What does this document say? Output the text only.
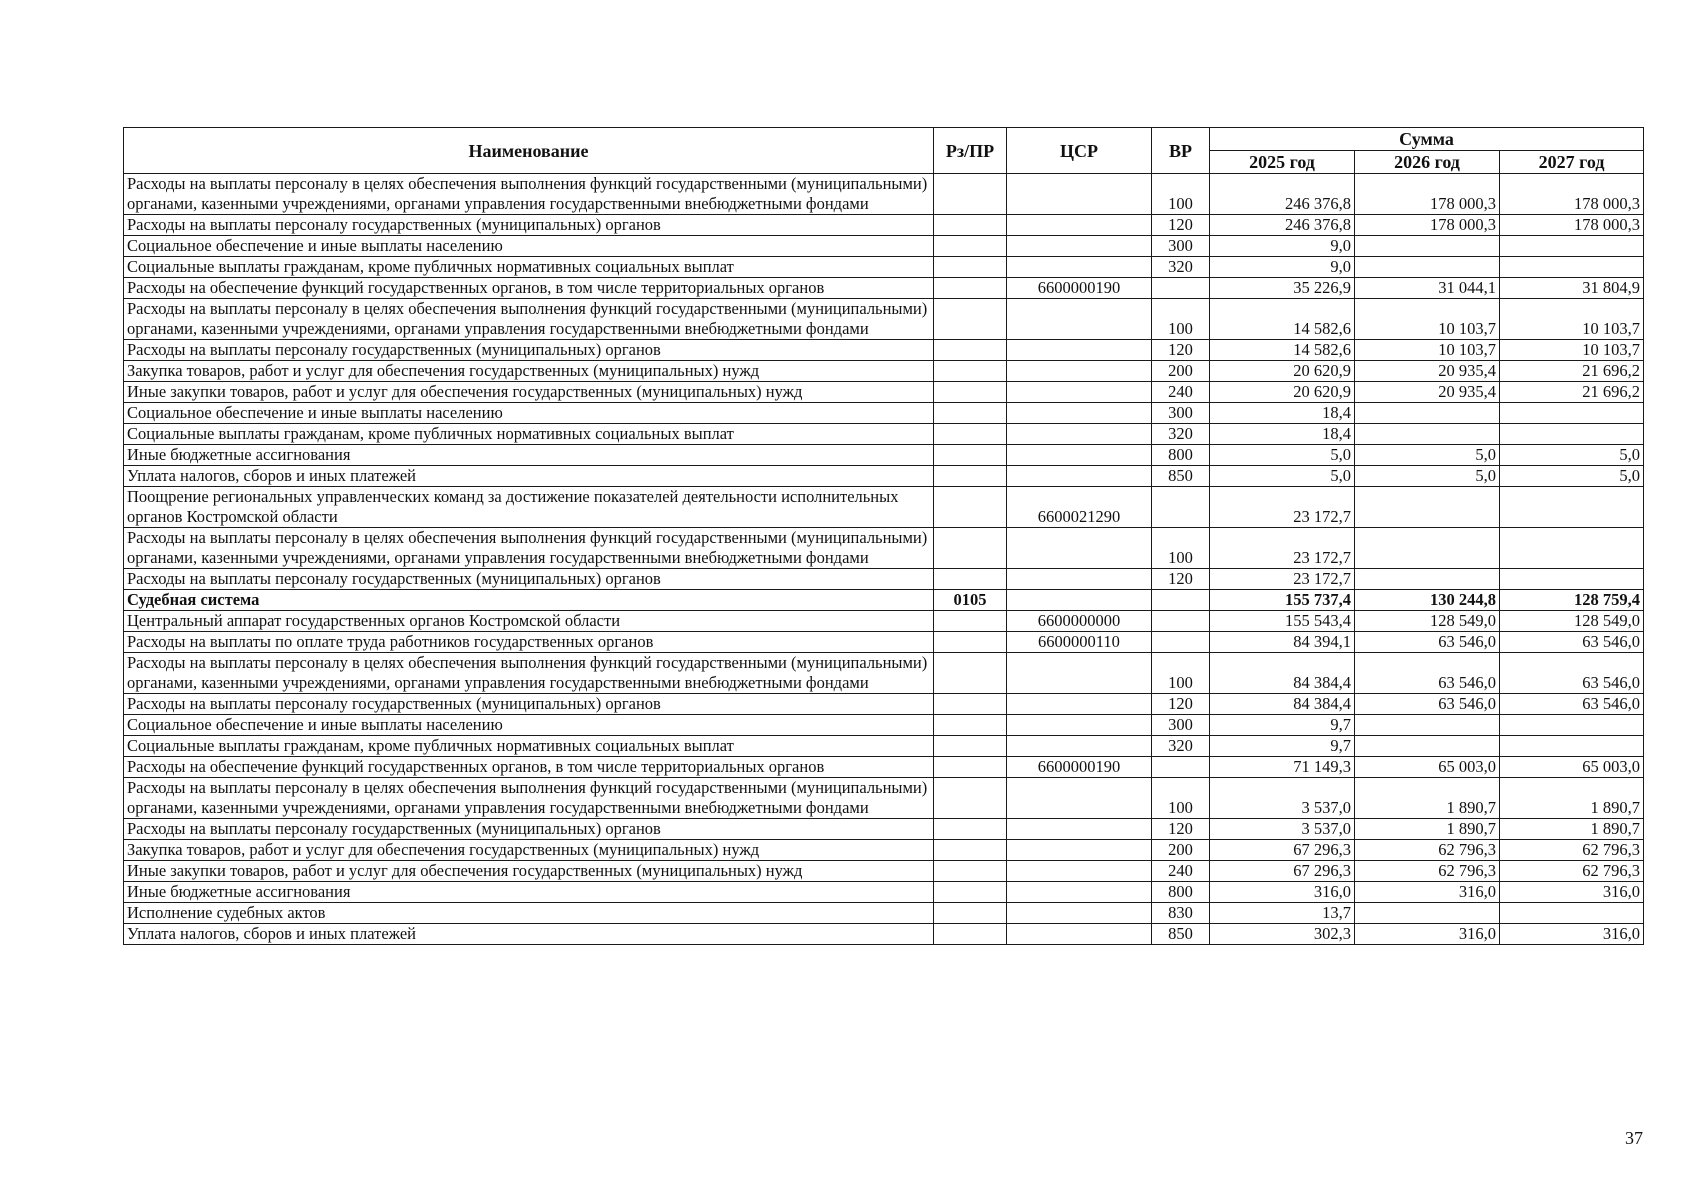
Наименование	Рз/ПР	ЦСР	ВР	Сумма		
				2025 год	2026 год	2027 год
Расходы на выплаты персоналу в целях обеспечения выполнения функций государственными (муниципальными) органами, казенными учреждениями, органами управления государственными внебюджетными фондами			100	246 376,8	178 000,3	178 000,3
Расходы на выплаты персоналу государственных (муниципальных) органов			120	246 376,8	178 000,3	178 000,3
Социальное обеспечение и иные выплаты населению			300	9,0		
Социальные выплаты гражданам, кроме публичных нормативных социальных выплат			320	9,0		
Расходы на обеспечение функций государственных органов, в том числе территориальных органов		6600000190		35 226,9	31 044,1	31 804,9
Расходы на выплаты персоналу в целях обеспечения выполнения функций государственными (муниципальными) органами, казенными учреждениями, органами управления государственными внебюджетными фондами			100	14 582,6	10 103,7	10 103,7
Расходы на выплаты персоналу государственных (муниципальных) органов			120	14 582,6	10 103,7	10 103,7
Закупка товаров, работ и услуг для обеспечения государственных (муниципальных) нужд			200	20 620,9	20 935,4	21 696,2
Иные закупки товаров, работ и услуг для обеспечения государственных (муниципальных) нужд			240	20 620,9	20 935,4	21 696,2
Социальное обеспечение и иные выплаты населению			300	18,4		
Социальные выплаты гражданам, кроме публичных нормативных социальных выплат			320	18,4		
Иные бюджетные ассигнования			800	5,0	5,0	5,0
Уплата налогов, сборов и иных платежей			850	5,0	5,0	5,0
Поощрение региональных управленческих команд за достижение показателей деятельности исполнительных органов Костромской области		6600021290		23 172,7		
Расходы на выплаты персоналу в целях обеспечения выполнения функций государственными (муниципальными) органами, казенными учреждениями, органами управления государственными внебюджетными фондами			100	23 172,7		
Расходы на выплаты персоналу государственных (муниципальных) органов			120	23 172,7		
Судебная система	0105			155 737,4	130 244,8	128 759,4
Центральный аппарат государственных органов Костромской области		6600000000		155 543,4	128 549,0	128 549,0
Расходы на выплаты по оплате труда работников государственных органов		6600000110		84 394,1	63 546,0	63 546,0
Расходы на выплаты персоналу в целях обеспечения выполнения функций государственными (муниципальными) органами, казенными учреждениями, органами управления государственными внебюджетными фондами			100	84 384,4	63 546,0	63 546,0
Расходы на выплаты персоналу государственных (муниципальных) органов			120	84 384,4	63 546,0	63 546,0
Социальное обеспечение и иные выплаты населению			300	9,7		
Социальные выплаты гражданам, кроме публичных нормативных социальных выплат			320	9,7		
Расходы на обеспечение функций государственных органов, в том числе территориальных органов		6600000190		71 149,3	65 003,0	65 003,0
Расходы на выплаты персоналу в целях обеспечения выполнения функций государственными (муниципальными) органами, казенными учреждениями, органами управления государственными внебюджетными фондами			100	3 537,0	1 890,7	1 890,7
Расходы на выплаты персоналу государственных (муниципальных) органов			120	3 537,0	1 890,7	1 890,7
Закупка товаров, работ и услуг для обеспечения государственных (муниципальных) нужд			200	67 296,3	62 796,3	62 796,3
Иные закупки товаров, работ и услуг для обеспечения государственных (муниципальных) нужд			240	67 296,3	62 796,3	62 796,3
Иные бюджетные ассигнования			800	316,0	316,0	316,0
Исполнение судебных актов			830	13,7		
Уплата налогов, сборов и иных платежей			850	302,3	316,0	316,0
37
